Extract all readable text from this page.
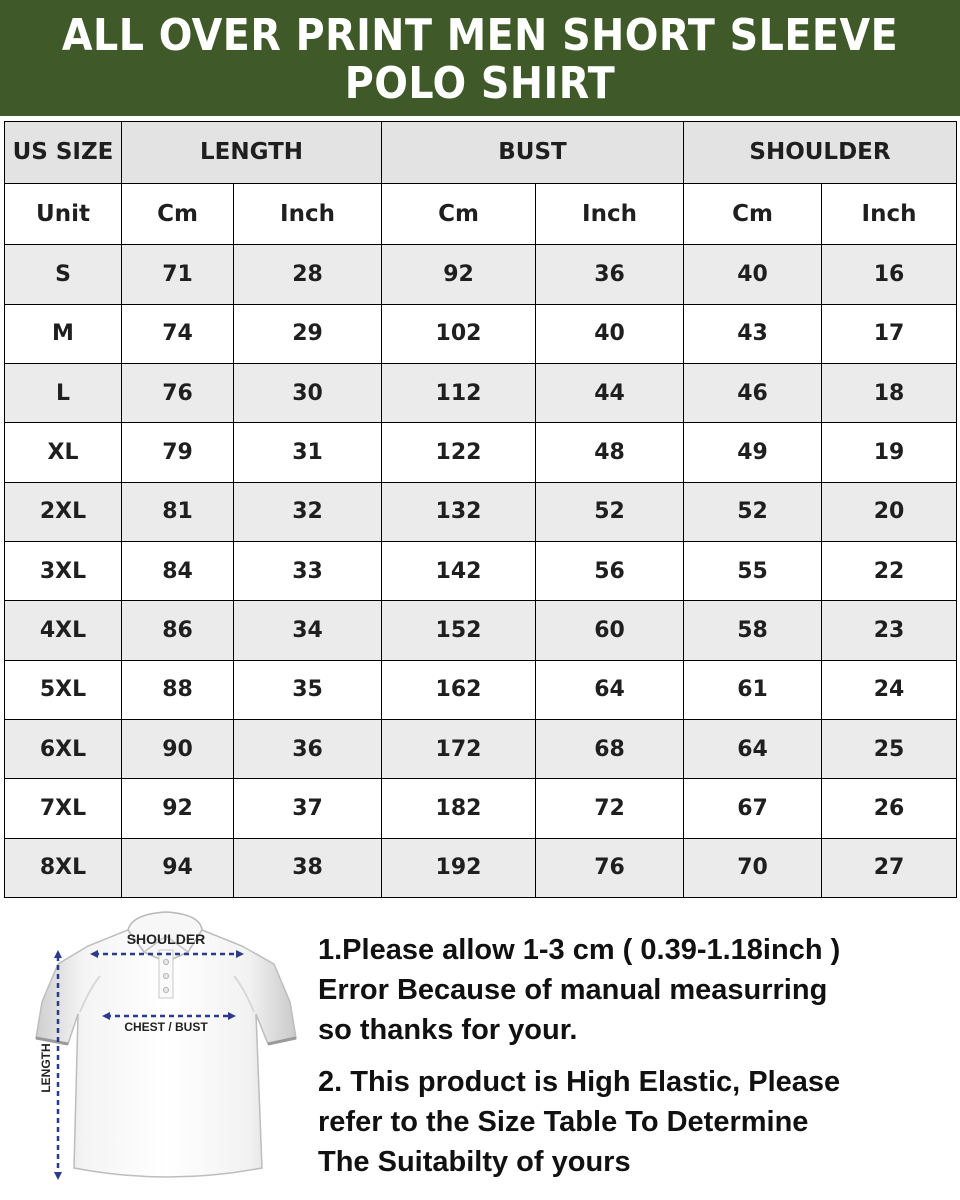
ALL OVER PRINT MEN SHORT SLEEVE
POLO SHIRT
US SIZE	LENGTH		BUST		SHOULDER	
Unit	Cm	Inch	Cm	Inch	Cm	Inch
S	71	28	92	36	40	16
M	74	29	102	40	43	17
L	76	30	112	44	46	18
XL	79	31	122	48	49	19
2XL	81	32	132	52	52	20
3XL	84	33	142	56	55	22
4XL	86	34	152	60	58	23
5XL	88	35	162	64	61	24
6XL	90	36	172	68	64	25
7XL	92	37	182	72	67	26
8XL	94	38	192	76	70	27
SHOULDER
CHEST / BUST
LENGTH
1.Please allow 1-3 cm ( 0.39-1.18inch )
Error Because of manual measurring
so thanks for your.
2. This product is High Elastic, Please
refer to the Size Table To Determine
The Suitabilty of yours
